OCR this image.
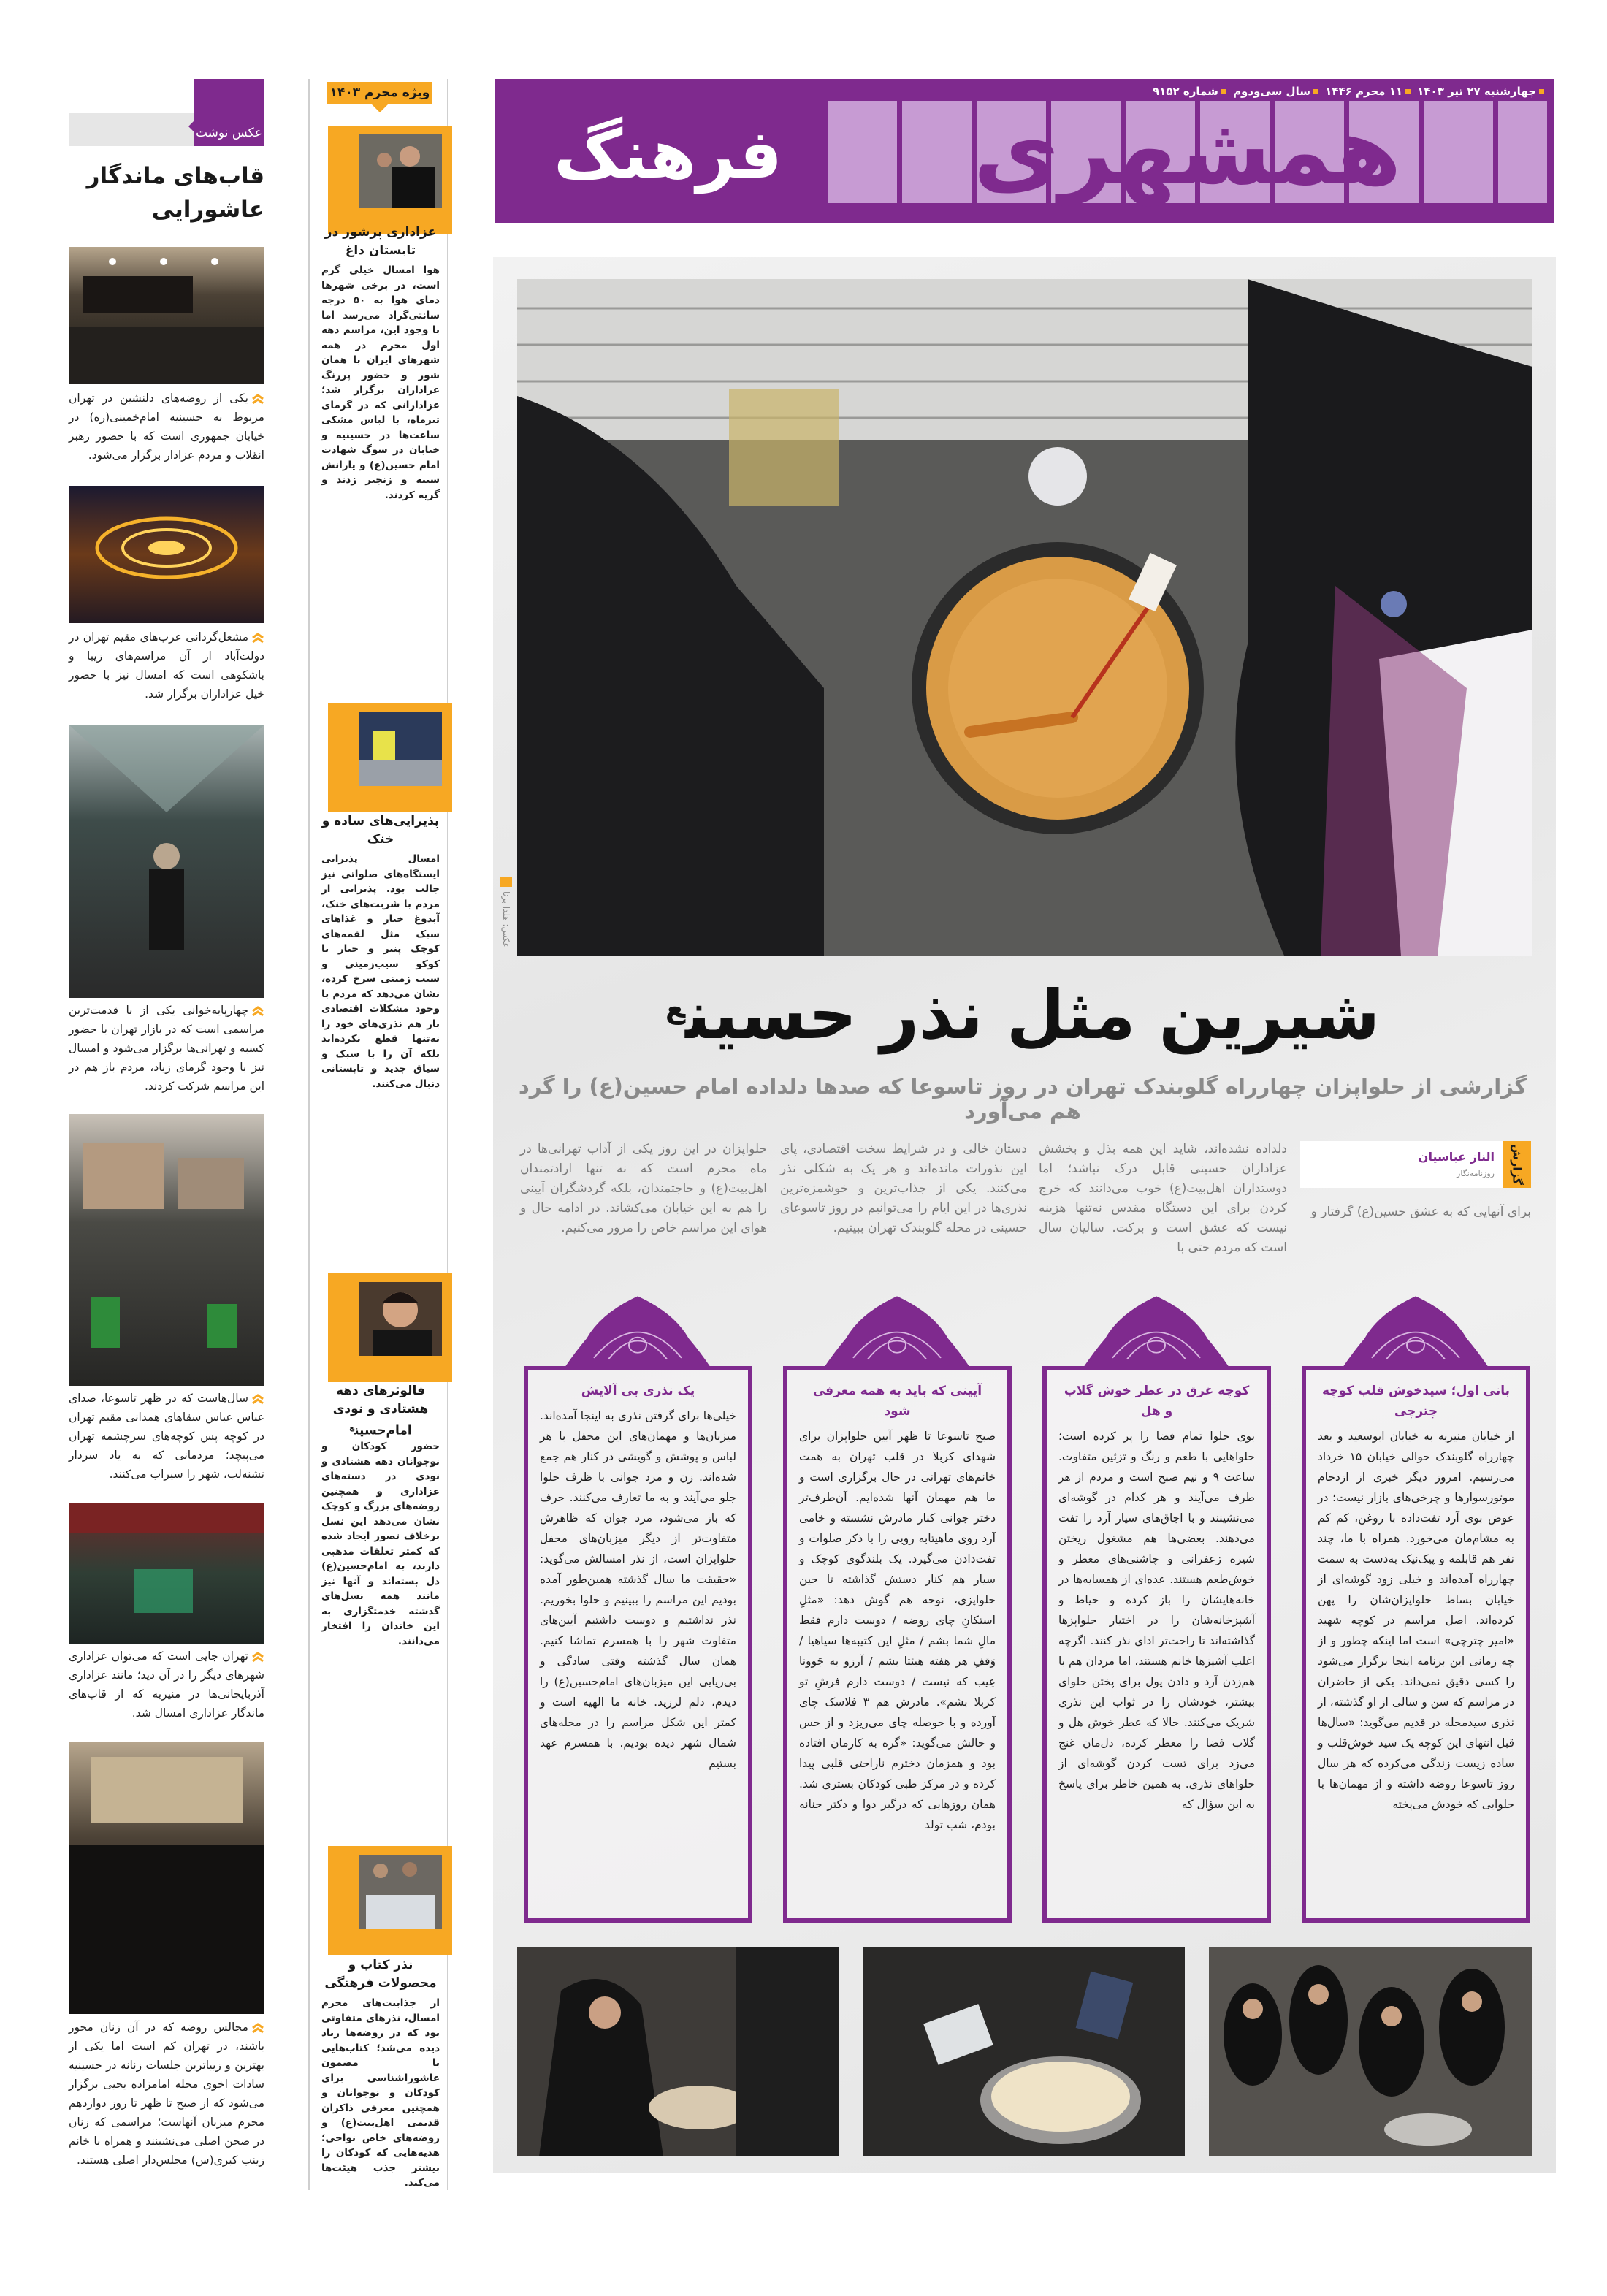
عکس نوشت
قاب‌های ماندگار عاشورایی
یکی از روضه‌های دلنشین در تهران مربوط به حسینیه امام‌خمینی(ره) در خیابان جمهوری است که با حضور رهبر انقلاب و مردم عزادار برگزار می‌شود.
مشعل‌گردانی عرب‌های مقیم تهران در دولت‌آباد از آن مراسم‌های زیبا و باشکوهی است که امسال نیز با حضور خیل عزاداران برگزار شد.
چهارپایه‌خوانی یکی از با قدمت‌ترین مراسمی است که در بازار تهران با حضور کسبه و تهرانی‌ها برگزار می‌شود و امسال نیز با وجود گرمای زیاد، مردم باز هم در این مراسم شرکت کردند.
سال‌هاست که در ظهر تاسوعا، صدای عباس عباس سقاهای همدانی مقیم تهران در کوچه پس کوچه‌های سرچشمه تهران می‌پیچد؛ مردمانی که به یاد سردار تشنه‌لب، شهر را سیراب می‌کنند.
تهران جایی است که می‌توان عزاداری شهرهای دیگر را در آن دید؛ مانند عزاداری آذربایجانی‌ها در منیریه که از قاب‌های ماندگار عزاداری امسال شد.
مجالس روضه که در آن زنان محور باشند، در تهران کم است اما یکی از بهترین و زیباترین جلسات زنانه در حسینیه سادات اخوی محله امامزاده یحیی برگزار می‌شود که از صبح تا ظهر تا روز دوازدهم محرم میزبان آنهاست؛ مراسمی که زنان در صحن اصلی می‌نشینند و همراه با خانم زینب کبری(س) مجلس‌دار اصلی هستند.
ویژه محرم ۱۴۰۳
عزاداری پرشور در تابستان داغ
هوا امسال خیلی گرم است، در برخی شهرها دمای هوا به ۵۰ درجه سانتی‌گراد می‌رسد اما با وجود این، مراسم دهه اول محرم در همه شهرهای ایران با همان شور و حضور پررنگ عزاداران برگزار شد؛ عزادارانی که در گرمای تیرماه، با لباس مشکی ساعت‌ها در حسینیه و خیابان در سوگ شهادت امام حسین(ع) و یارانش سینه و زنجیر زدند و گریه کردند.
پذیرایی‌های ساده و خنک
امسال پذیرایی ایستگاه‌های صلواتی نیز جالب بود. پذیرایی از مردم با شربت‌های خنک، آبدوغ خیار و غذاهای سبک مثل لقمه‌های کوچک پنیر و خیار یا کوکو سیب‌زمینی و سیب زمینی سرخ کرده، نشان می‌دهد که مردم با وجود مشکلات اقتصادی باز هم نذری‌های خود را نه‌تنها قطع نکرده‌اند بلکه آن را با سبک و سیاق جدید و تابستانی دنبال می‌کنند.
فالوئرهای دهه هشتادی و نودی امام‌حسین$^ع$
حضور کودکان و نوجوانان دهه هشتادی و نودی در دسته‌های عزاداری و همچنین روضه‌های بزرگ و کوچک نشان می‌دهد این نسل برخلاف تصور ایجاد شده که کمتر تعلقات مذهبی دارند، به امام‌حسین(ع) دل بسته‌اند و آنها نیز مانند همه نسل‌های گذشته خدمتگزاری به این خاندان را افتخار می‌دانند.
نذر کتاب و محصولات فرهنگی
از جذابیت‌های محرم امسال، نذرهای متفاوتی بود که در روضه‌ها زیاد دیده می‌شد؛ کتاب‌هایی با مضمون عاشوراشناسی برای کودکان و نوجوانان و همچنین معرفی ذاکران قدیمی اهل‌بیت(ع) و روضه‌های خاص نواحی؛ هدیه‌هایی که کودکان را بیشتر جذب هیئت‌ها می‌کند.
چهارشنبه ۲۷ تیر ۱۴۰۳ ۱۱ محرم ۱۴۴۶ سال سی‌ودوم شماره ۹۱۵۲
همشهری
فرهنگ
عکس: هلدا برنا
شیرین مثل نذر حسین$^ع$
گزارشی از حلواپزان چهارراه گلوبندک تهران در روز تاسوعا که صدها دلداده امام حسین(ع) را گرد هم می‌آورد
گزارش
الناز عباسیان
روزنامه‌نگار
برای آنهایی که به عشق حسین(ع) گرفتار و
دلداده نشده‌اند، شاید این همه بذل و بخشش عزاداران حسینی قابل درک نباشد؛ اما دوستداران اهل‌بیت(ع) خوب می‌دانند که خرج کردن برای این دستگاه مقدس نه‌تنها هزینه نیست که عشق است و برکت. سالیان سال است که مردم حتی با
دستان خالی و در شرایط سخت اقتصادی، پای این نذورات مانده‌اند و هر یک به شکلی نذر می‌کنند. یکی از جذاب‌ترین و خوشمزه‌ترین نذری‌ها در این ایام را می‌توانیم در روز تاسوعای حسینی در محله گلوبندک تهران ببینیم.
حلواپزان در این روز یکی از آداب تهرانی‌ها در ماه محرم است که نه تنها ارادتمندان اهل‌بیت(ع) و حاجتمندان، بلکه گردشگران آیینی را هم به این خیابان می‌کشاند. در ادامه حال و هوای این مراسم خاص را مرور می‌کنیم.
بانی اول؛ سیدخوش قلب کوچه چترچی

از خیابان منیریه به خیابان ابوسعید و بعد چهارراه گلوبندک حوالی خیابان ۱۵ خرداد می‌رسیم. امروز دیگر خبری از ازدحام موتورسوارها و چرخی‌های بازار نیست؛ در عوض بوی آرد تفت‌داده با روغن، کم کم به مشام‌مان می‌خورد. همراه با ما، چند نفر هم قابلمه و پیک‌نیک به‌دست به سمت چهارراه آمده‌اند و خیلی زود گوشه‌ای از خیابان بساط حلواپزان‌شان را پهن کرده‌اند. اصل مراسم در کوچه شهید «امیر چترچی» است اما اینکه چطور و از چه زمانی این برنامه اینجا برگزار می‌شود را کسی دقیق نمی‌داند. یکی از حاضران در مراسم که سن و سالی از او گذشته، از نذری سیدمحله در قدیم می‌گوید: «سال‌ها قبل انتهای این کوچه یک سید خوش‌قلب و ساده زیست زندگی می‌کرده که هر سال روز تاسوعا روضه داشته و از مهمان‌ها با حلوایی که خودش می‌پخته

کوچه غرق در عطر خوش گلاب و هل

بوی حلوا تمام فضا را پر کرده است؛ حلواهایی با طعم و رنگ و تزئین متفاوت. ساعت ۹ و نیم صبح است و مردم از هر طرف می‌آیند و هر کدام در گوشه‌ای می‌نشینند و با اجاق‌های سیار آرد را تفت می‌دهند. بعضی‌ها هم مشغول ریختن شیره زعفرانی و چاشنی‌های معطر و خوش‌طعم هستند. عده‌ای از همسایه‌ها در خانه‌هایشان را باز کرده و حیاط و آشپزخانه‌شان را در اختیار حلواپزها گذاشته‌اند تا راحت‌تر ادای نذر کنند. اگرچه اغلب آشپزها خانم هستند، اما مردان هم با هم‌زدن آرد و دادن پول برای پختن حلوای بیشتر، خودشان را در ثواب این نذری شریک می‌کنند. حالا که عطر خوش هل و گلاب فضا را معطر کرده، دل‌مان غنج می‌زد برای تست کردن گوشه‌ای از حلواهای نذری. به همین خاطر برای پاسخ به این سؤال که

آیینی که باید به همه معرفی شود

صبح تاسوعا تا ظهر آیین حلواپزان برای شهدای کربلا در قلب تهران به همت خانم‌های تهرانی در حال برگزاری است و ما هم مهمان آنها شده‌ایم. آن‌طرف‌تر دختر جوانی کنار مادرش نشسته و خامی آرد روی ماهیتابه رویی را با ذکر صلوات و تفت‌دادن می‌گیرد. یک بلندگوی کوچک و سیار هم کنار دستش گذاشته تا حین حلواپزی، نوحه هم گوش دهد: «مثلِ استکانِ چای روضه / دوست دارم فقط مالِ شما بشم / مثلِ این کتیبه‌ها سیاهیا / وَقفِ هر هفته هیئتا بشم / آرزو به جَوونا عِیب که نیست / دوست دارم فرشِ تو کربلا بشم». مادرش هم ۳ فلاسک چای آورده و با حوصله چای می‌ریزد و از حس و حالش می‌گوید: «گره به کارمان افتاده بود و همزمان دخترم ناراحتی قلبی پیدا کرده و در مرکز طبی کودکان بستری شد. همان روزهایی که درگیر دوا و دکتر حنانه بودم، شب تولد

یک نذری بی آلایش

خیلی‌ها برای گرفتن نذری به اینجا آمده‌اند. میزبان‌ها و مهمان‌های این محفل با هر لباس و پوشش و گویشی در کنار هم جمع شده‌اند. زن و مرد جوانی با ظرف حلوا جلو می‌آیند و به ما تعارف می‌کنند. حرف که باز می‌شود، مرد جوان که ظاهرش متفاوت‌تر از دیگر میزبان‌های محفل حلواپزان است، از نذر امسالش می‌گوید: «حقیقت ما سال گذشته همین‌طور آمده بودیم این مراسم را ببینیم و حلوا بخوریم. نذر نداشتیم و دوست داشتیم آیین‌های متفاوت شهر را با همسرم تماشا کنیم. همان سال گذشته وقتی سادگی و بی‌ریایی این میزبان‌های امام‌حسین(ع) را دیدم، دلم لرزید. خانه ما الهیه است و کمتر این شکل مراسم را در محله‌های شمال شهر دیده بودیم. با همسرم عهد بستیم
